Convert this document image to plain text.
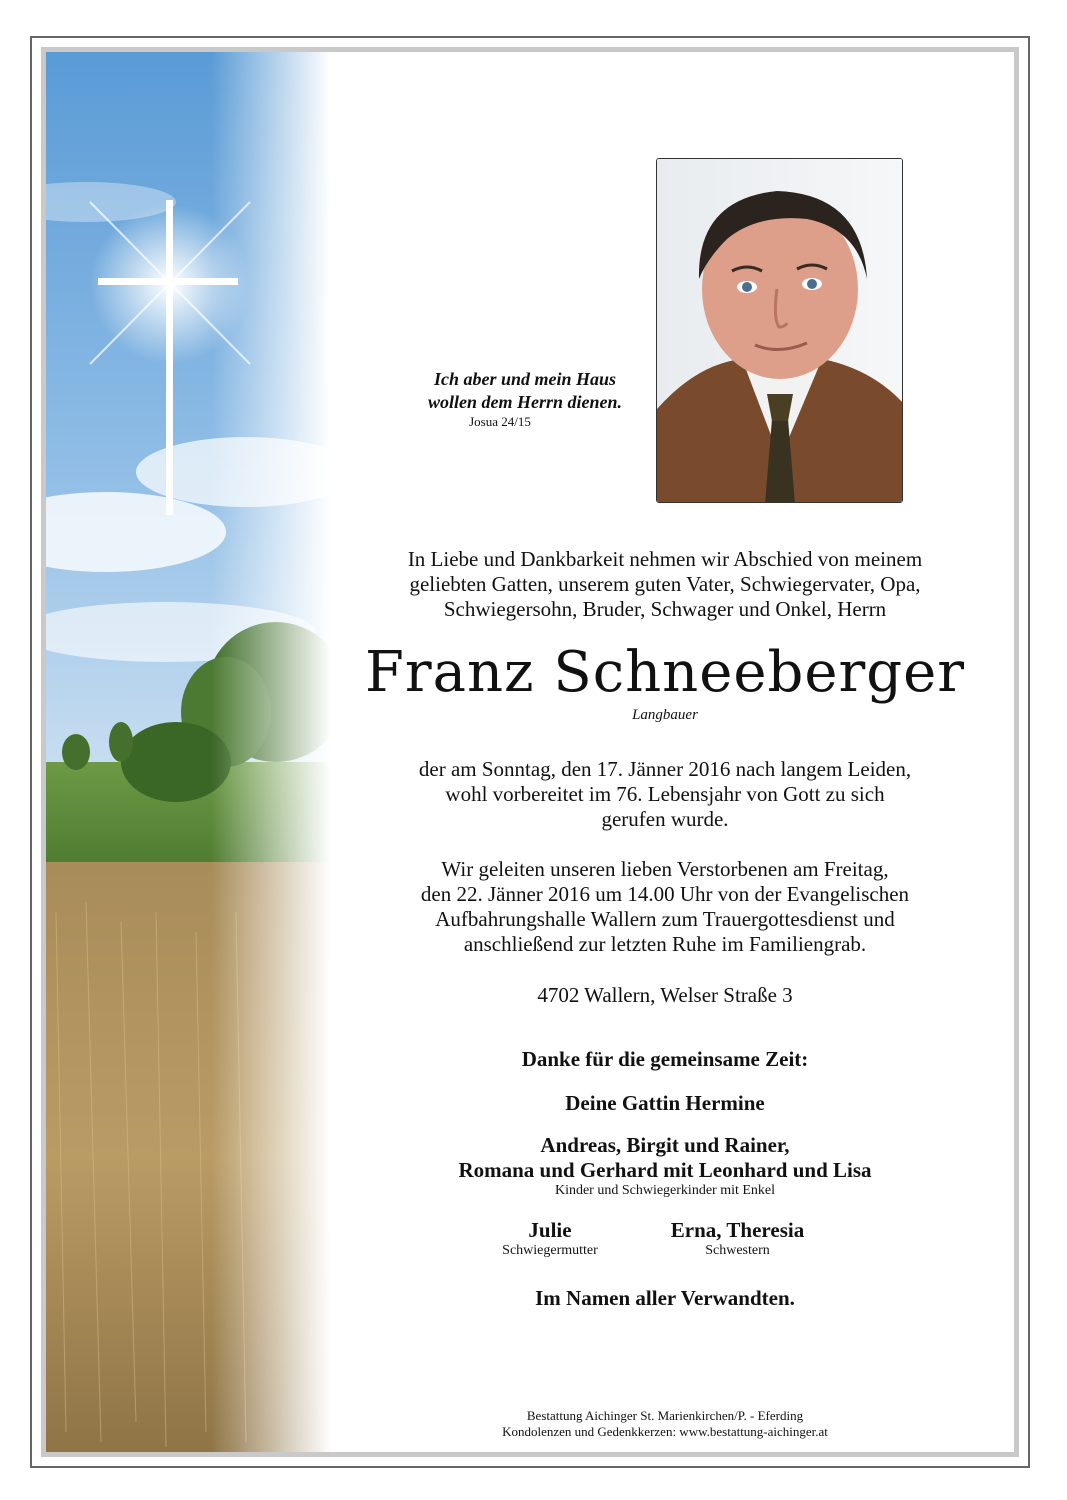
Ich aber und mein Haus
wollen dem Herrn dienen.
Josua 24/15
In Liebe und Dankbarkeit nehmen wir Abschied von meinem
geliebten Gatten, unserem guten Vater, Schwiegervater, Opa,
Schwiegersohn, Bruder, Schwager und Onkel, Herrn
Franz Schneeberger
Langbauer
der am Sonntag, den 17. Jänner 2016 nach langem Leiden,
wohl vorbereitet im 76. Lebensjahr von Gott zu sich
gerufen wurde.
Wir geleiten unseren lieben Verstorbenen am Freitag,
den 22. Jänner 2016 um 14.00 Uhr von der Evangelischen
Aufbahrungshalle Wallern zum Trauergottesdienst und
anschließend zur letzten Ruhe im Familiengrab.
4702 Wallern, Welser Straße 3
Danke für die gemeinsame Zeit:
Deine Gattin Hermine
Andreas, Birgit und Rainer,
Romana und Gerhard mit Leonhard und Lisa
Kinder und Schwiegerkinder mit Enkel
Julie
Schwiegermutter
Erna, Theresia
Schwestern
Im Namen aller Verwandten.
Bestattung Aichinger St. Marienkirchen/P. - Eferding
Kondolenzen und Gedenkkerzen: www.bestattung-aichinger.at
